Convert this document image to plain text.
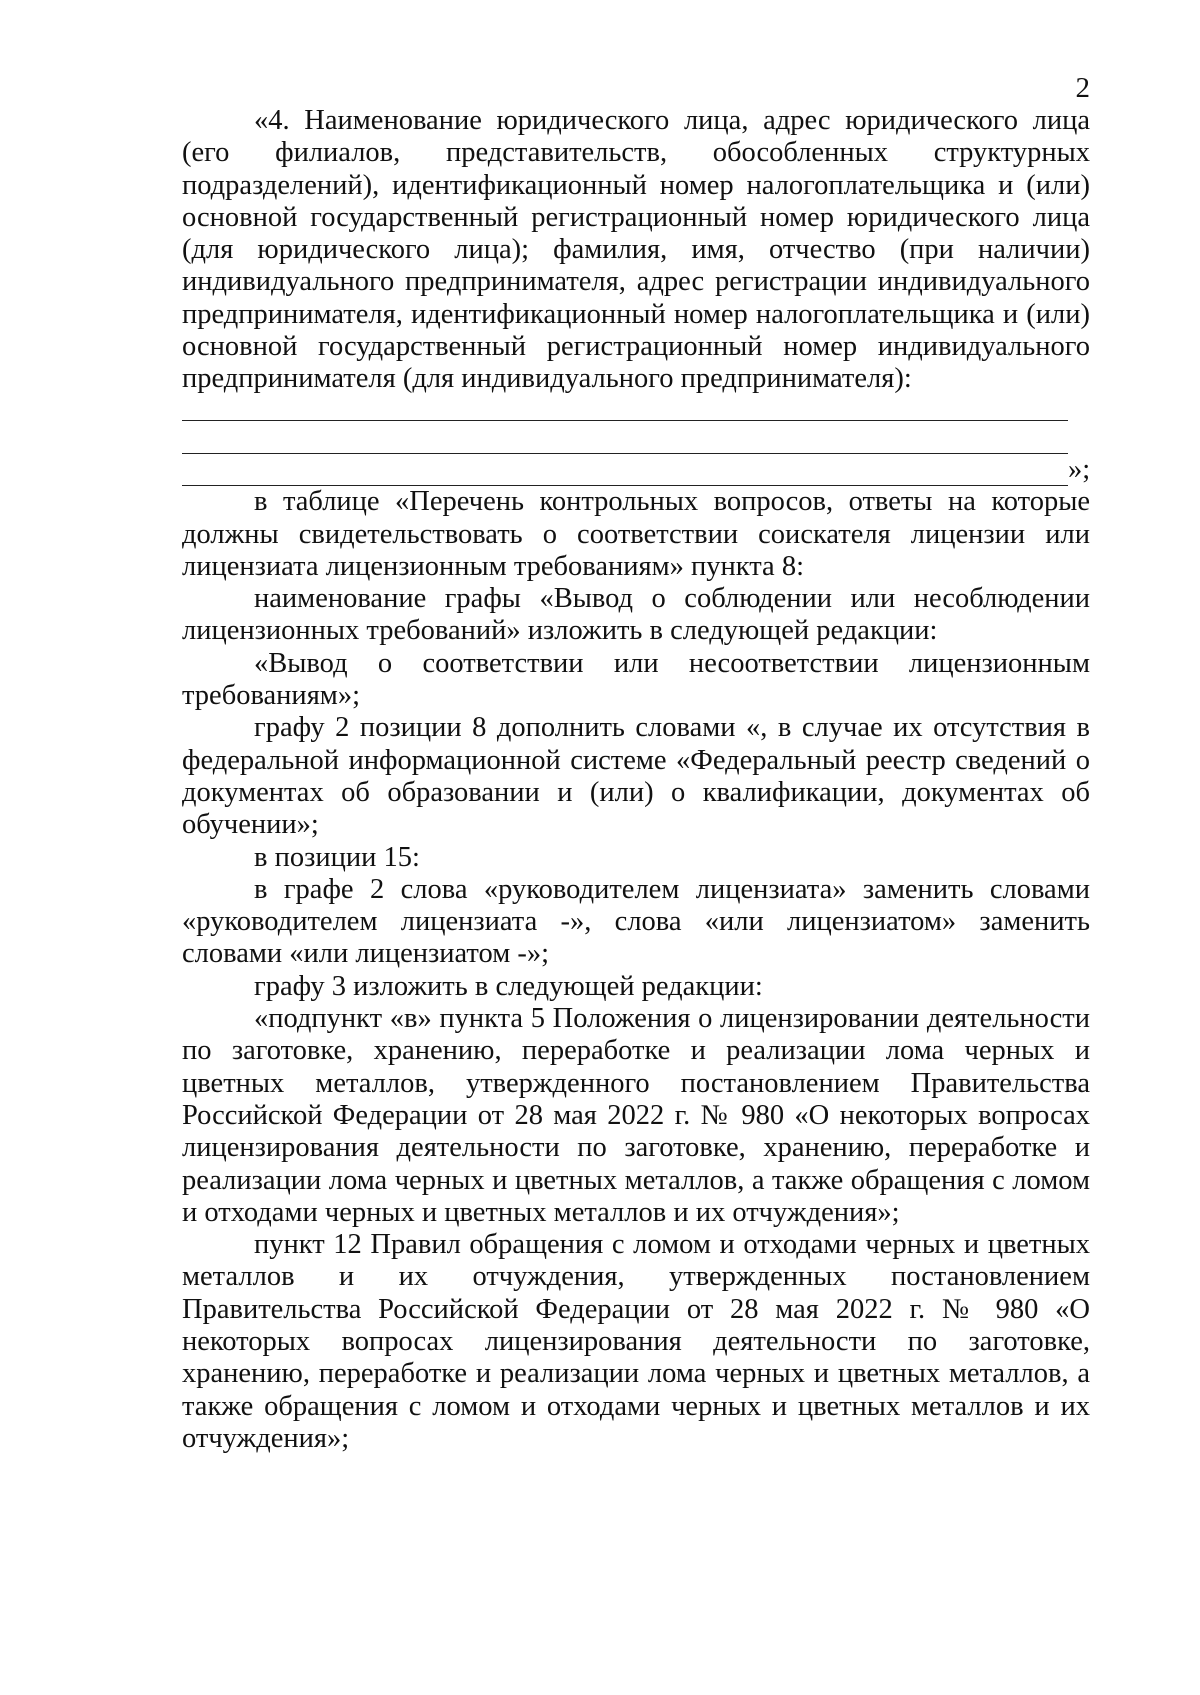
2

«4. Наименование юридического лица, адрес юридического лица (его филиалов, представительств, обособленных структурных подразделений), идентификационный номер налогоплательщика и (или) основной государственный регистрационный номер юридического лица (для юридического лица); фамилия, имя, отчество (при наличии) индивидуального предпринимателя, адрес регистрации индивидуального предпринимателя, идентификационный номер налогоплательщика и (или) основной государственный регистрационный номер индивидуального предпринимателя (для индивидуального предпринимателя):

»;

в таблице «Перечень контрольных вопросов, ответы на которые должны свидетельствовать о соответствии соискателя лицензии или лицензиата лицензионным требованиям» пункта 8:

наименование графы «Вывод о соблюдении или несоблюдении лицензионных требований» изложить в следующей редакции:

«Вывод о соответствии или несоответствии лицензионным требованиям»;

графу 2 позиции 8 дополнить словами «, в случае их отсутствия в федеральной информационной системе «Федеральный реестр сведений о документах об образовании и (или) о квалификации, документах об обучении»;

в позиции 15:

в графе 2 слова «руководителем лицензиата» заменить словами «руководителем лицензиата -», слова «или лицензиатом» заменить словами «или лицензиатом -»;

графу 3 изложить в следующей редакции:

«подпункт «в» пункта 5 Положения о лицензировании деятельности по заготовке, хранению, переработке и реализации лома черных и цветных металлов, утвержденного постановлением Правительства Российской Федерации от 28 мая 2022 г. № 980 «О некоторых вопросах лицензирования деятельности по заготовке, хранению, переработке и реализации лома черных и цветных металлов, а также обращения с ломом и отходами черных и цветных металлов и их отчуждения»;

пункт 12 Правил обращения с ломом и отходами черных и цветных металлов и их отчуждения, утвержденных постановлением Правительства Российской Федерации от 28 мая 2022 г. № 980 «О некоторых вопросах лицензирования деятельности по заготовке, хранению, переработке и реализации лома черных и цветных металлов, а также обращения с ломом и отходами черных и цветных металлов и их отчуждения»;
